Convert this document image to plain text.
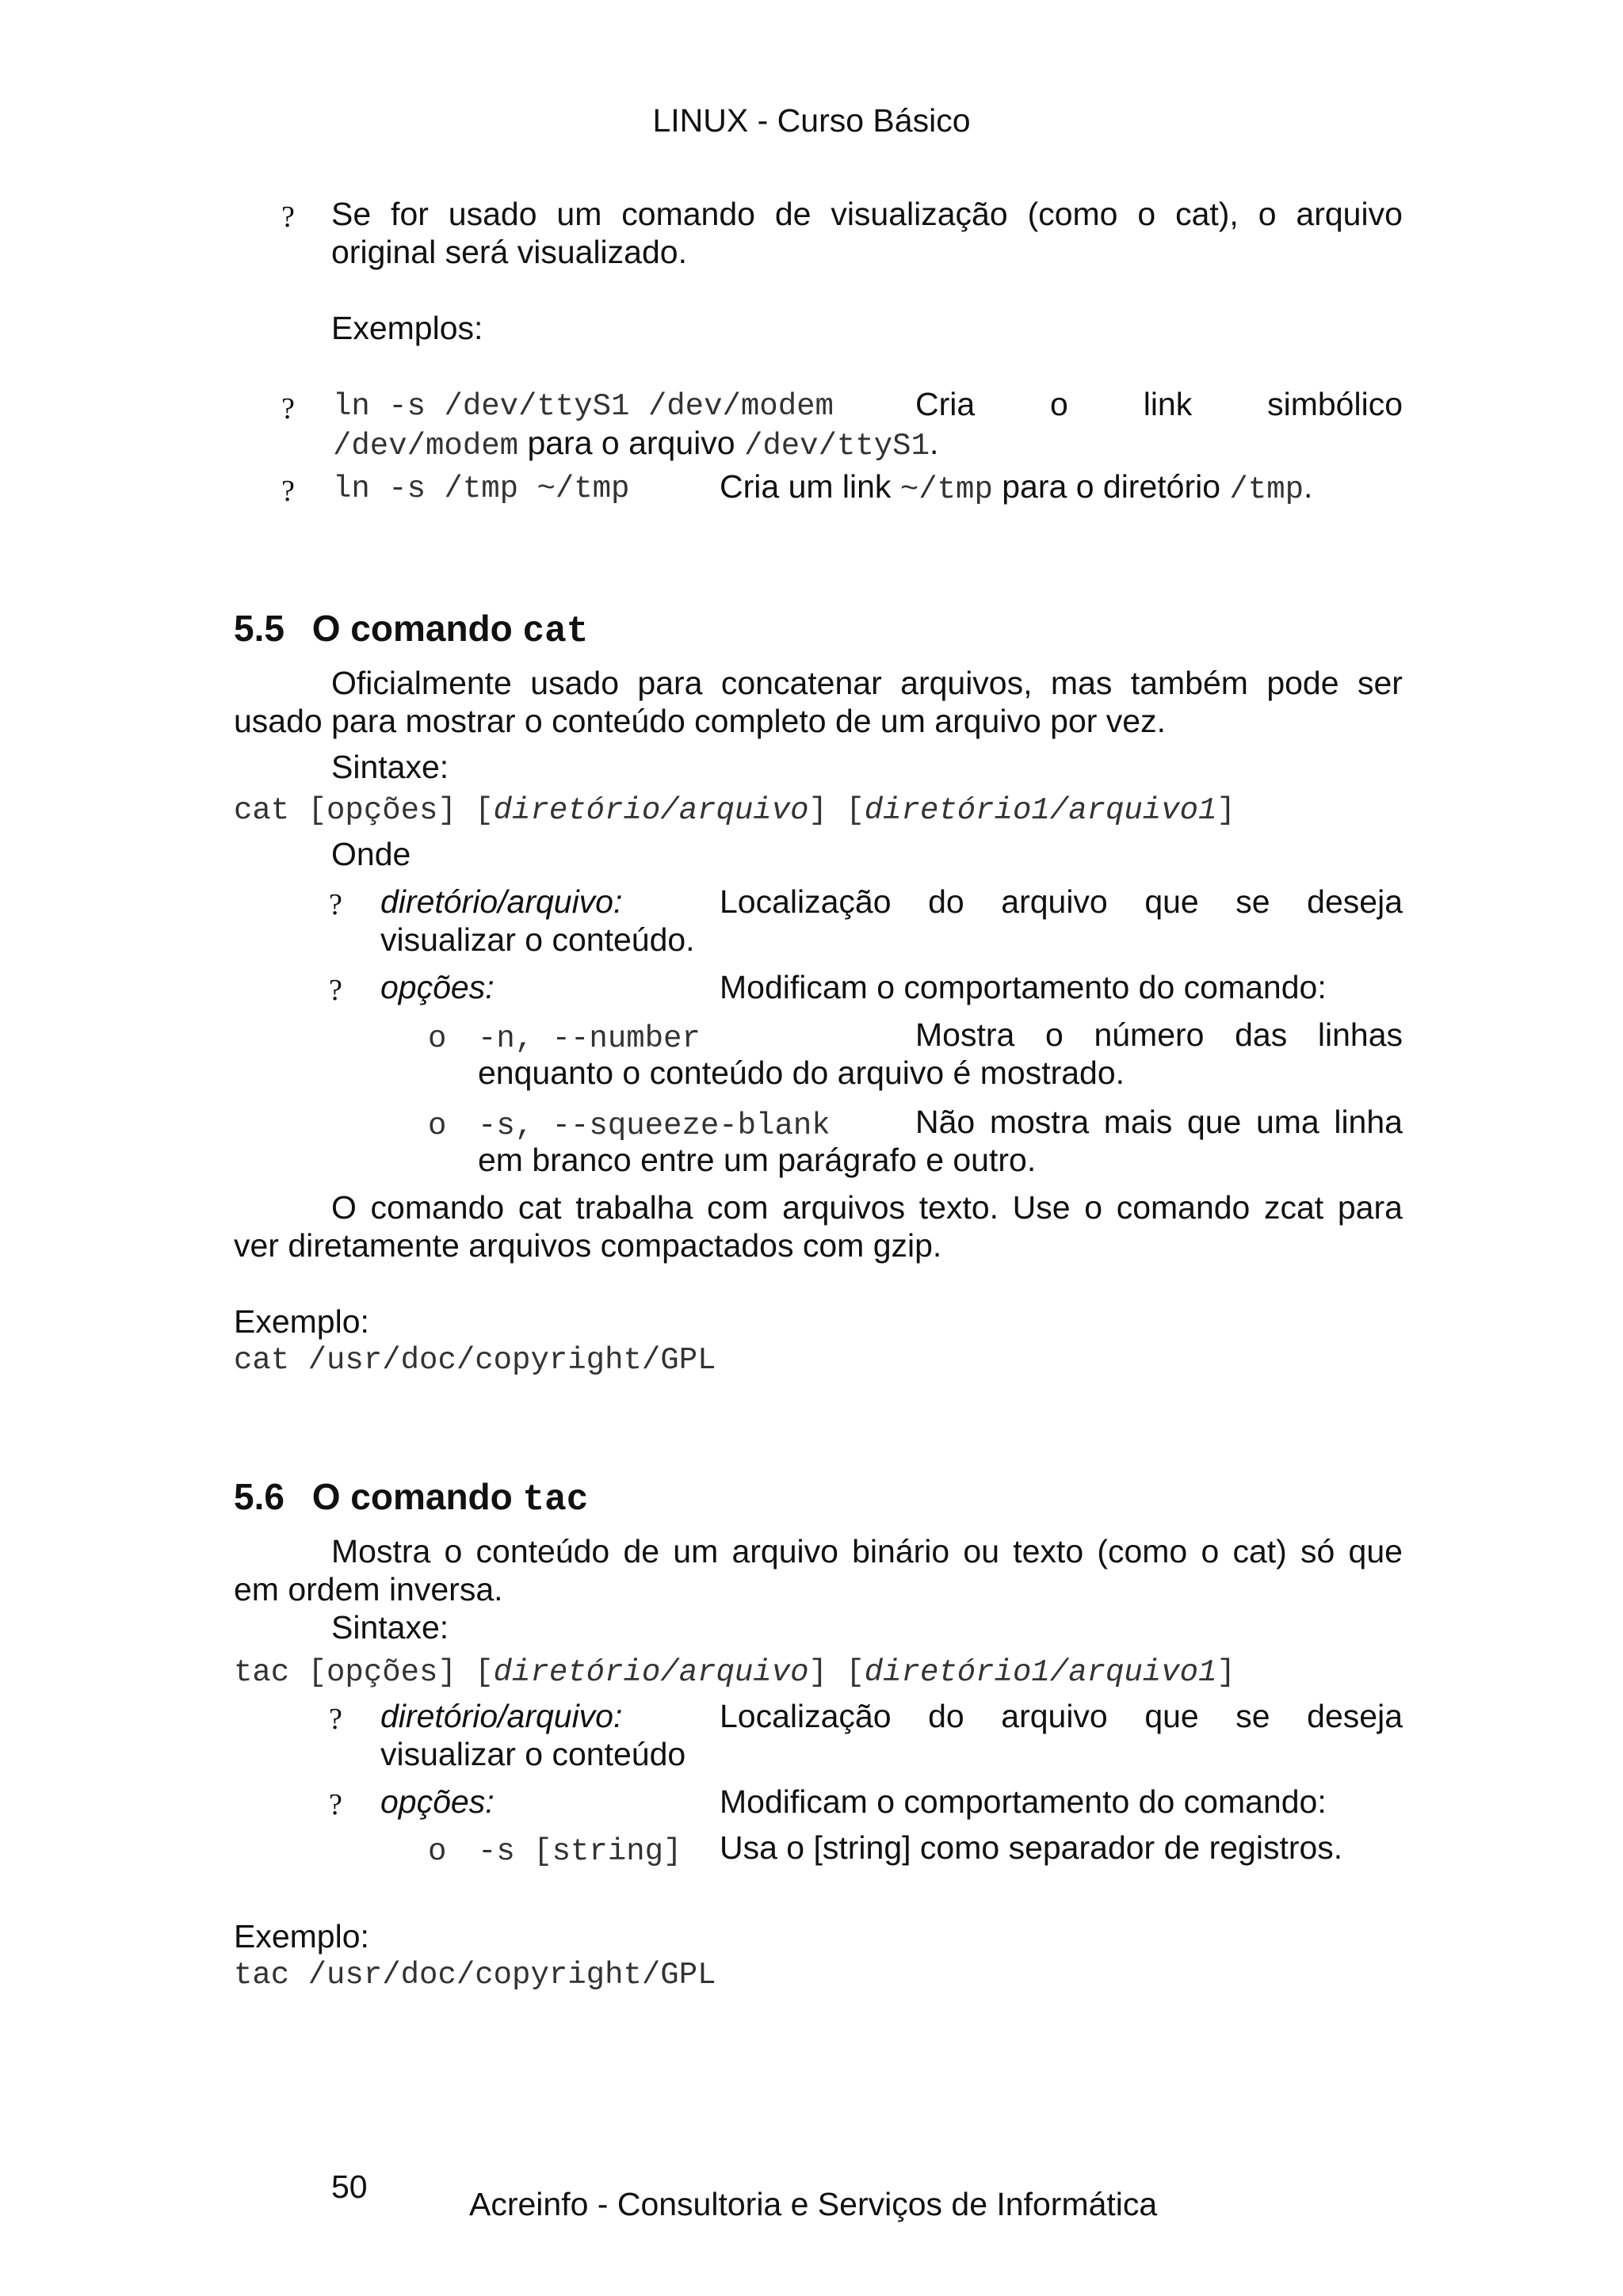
LINUX - Curso Básico
? Se for usado um comando de visualização (como o cat), o arquivo
original será visualizado.
Exemplos:
? ln -s /dev/ttyS1 /dev/modem	Cria o link simbólico
/dev/modem para o arquivo /dev/ttyS1.
? ln -s /tmp ~/tmp	Cria um link ~/tmp para o diretório /tmp.
5.5 O comando cat
Oficialmente usado para concatenar arquivos, mas também pode ser
usado para mostrar o conteúdo completo de um arquivo por vez.
Sintaxe:
cat [opções] [diretório/arquivo] [diretório1/arquivo1]
Onde
? diretório/arquivo:	Localização do arquivo que se deseja
visualizar o conteúdo.
? opções:	Modificam o comportamento do comando:
o -n, --number	Mostra o número das linhas
enquanto o conteúdo do arquivo é mostrado.
o -s, --squeeze-blank	Não mostra mais que uma linha
em branco entre um parágrafo e outro.
O comando cat trabalha com arquivos texto. Use o comando zcat para
ver diretamente arquivos compactados com gzip.
Exemplo:
cat /usr/doc/copyright/GPL
5.6 O comando tac
Mostra o conteúdo de um arquivo binário ou texto (como o cat) só que
em ordem inversa.
Sintaxe:
tac [opções] [diretório/arquivo] [diretório1/arquivo1]
? diretório/arquivo:	Localização do arquivo que se deseja
visualizar o conteúdo
? opções:	Modificam o comportamento do comando:
o -s [string] Usa o [string] como separador de registros.
Exemplo:
tac /usr/doc/copyright/GPL
50	Acreinfo - Consultoria e Serviços de Informática
